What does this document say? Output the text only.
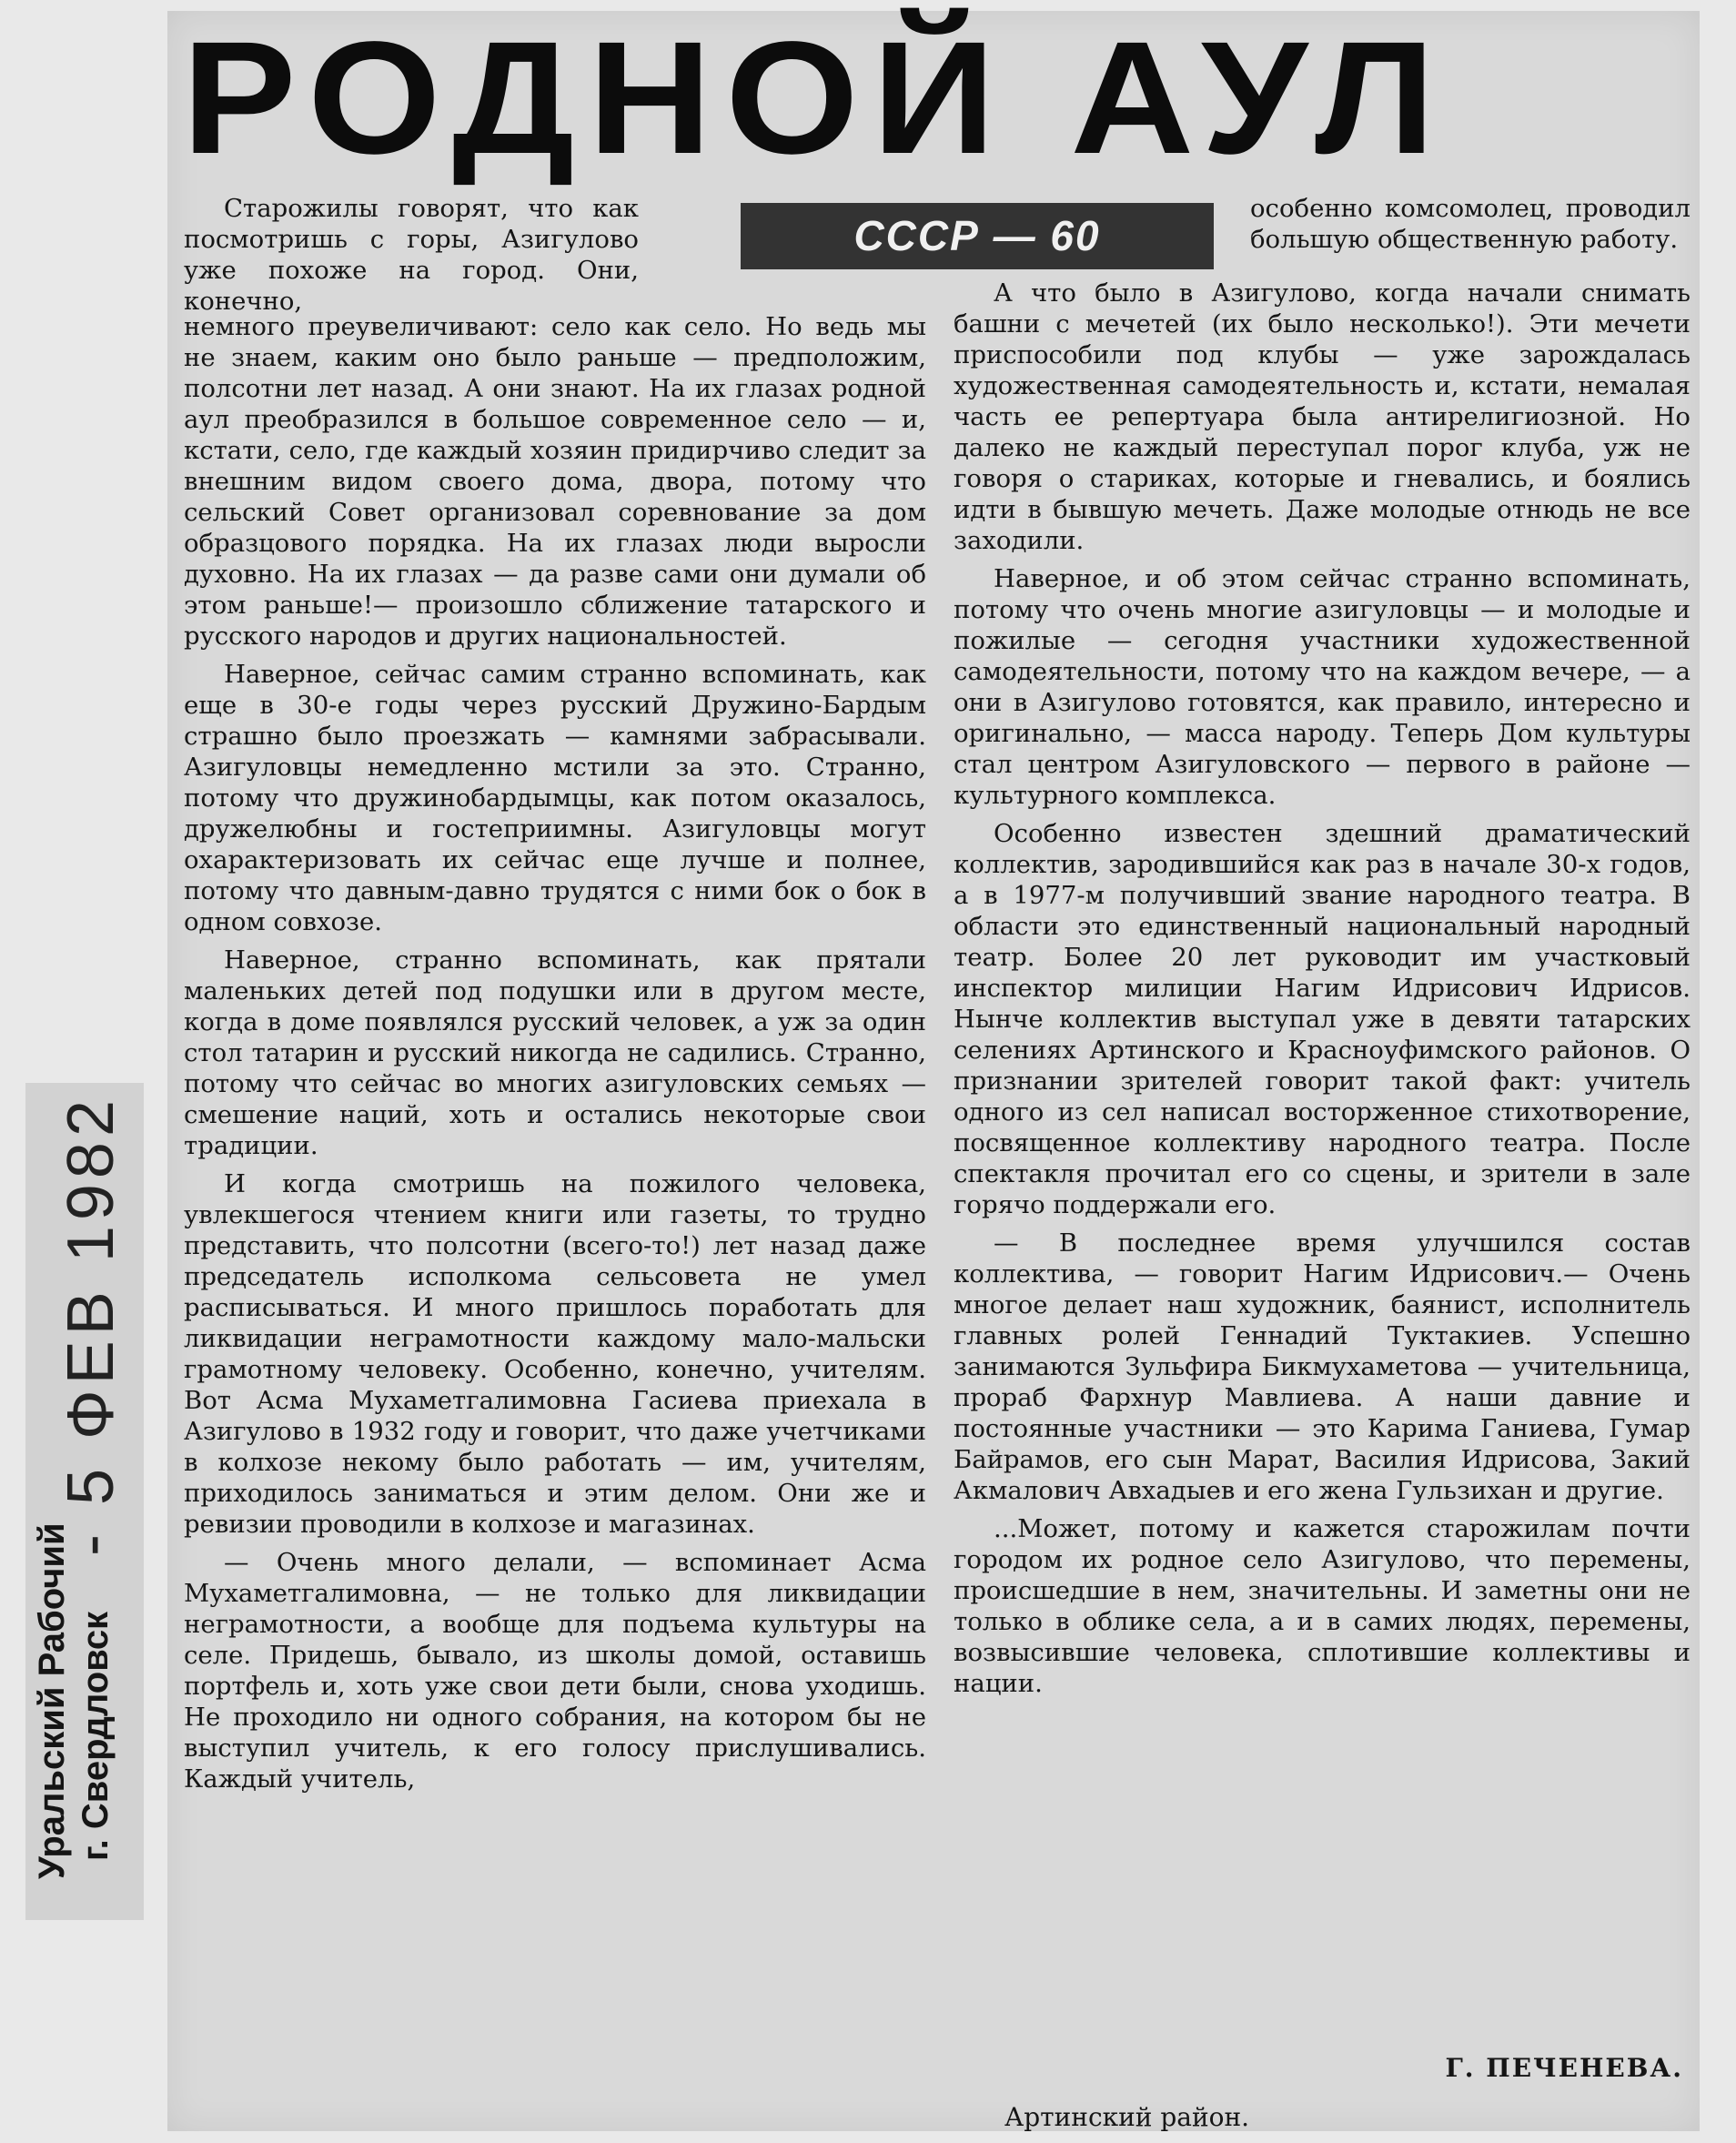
РОДНОЙ АУЛ
СССР — 60

Старожилы говорят, что как посмотришь с горы, Азигулово уже похоже на город. Они, конечно,

особенно комсомолец, проводил большую общественную работу.

немного преувеличивают: село как село. Но ведь мы не знаем, каким оно было раньше — предположим, полсотни лет назад. А они знают. На их глазах родной аул преобразился в большое современное село — и, кстати, село, где каждый хозяин придирчиво следит за внешним видом своего дома, двора, потому что сельский Совет организовал соревнование за дом образцового порядка. На их глазах люди выросли духовно. На их глазах — да разве сами они думали об этом раньше!— произошло сближение татарского и русского народов и других национальностей.

Наверное, сейчас самим странно вспоминать, как еще в 30-е годы через русский Дружино-Бардым страшно было проезжать — камнями забрасывали. Азигуловцы немедленно мстили за это. Странно, потому что дружинобардымцы, как потом оказалось, дружелюбны и гостеприимны. Азигуловцы могут охарактеризовать их сейчас еще лучше и полнее, потому что давным-давно трудятся с ними бок о бок в одном совхозе.

Наверное, странно вспоминать, как прятали маленьких детей под подушки или в другом месте, когда в доме появлялся русский человек, а уж за один стол татарин и русский никогда не садились. Странно, потому что сейчас во многих азигуловских семьях — смешение наций, хоть и остались некоторые свои традиции.

И когда смотришь на пожилого человека, увлекшегося чтением книги или газеты, то трудно представить, что полсотни (всего-то!) лет назад даже председатель исполкома сельсовета не умел расписываться. И много пришлось поработать для ликвидации неграмотности каждому мало-мальски грамотному человеку. Особенно, конечно, учителям. Вот Асма Мухаметгалимовна Гасиева приехала в Азигулово в 1932 году и говорит, что даже учетчиками в колхозе некому было работать — им, учителям, приходилось заниматься и этим делом. Они же и ревизии проводили в колхозе и магазинах.

— Очень много делали, — вспоминает Асма Мухаметгалимовна, — не только для ликвидации неграмотности, а вообще для подъема культуры на селе. Придешь, бывало, из школы домой, оставишь портфель и, хоть уже свои дети были, снова уходишь. Не проходило ни одного собрания, на котором бы не выступил учитель, к его голосу прислушивались. Каждый учитель,

А что было в Азигулово, когда начали снимать башни с мечетей (их было несколько!). Эти мечети приспособили под клубы — уже зарождалась художественная самодеятельность и, кстати, немалая часть ее репертуара была антирелигиозной. Но далеко не каждый переступал порог клуба, уж не говоря о стариках, которые и гневались, и боялись идти в бывшую мечеть. Даже молодые отнюдь не все заходили.

Наверное, и об этом сейчас странно вспоминать, потому что очень многие азигуловцы — и молодые и пожилые — сегодня участники художественной самодеятельности, потому что на каждом вечере, — а они в Азигулово готовятся, как правило, интересно и оригинально, — масса народу. Теперь Дом культуры стал центром Азигуловского — первого в районе — культурного комплекса.

Особенно известен здешний драматический коллектив, зародившийся как раз в начале 30-х годов, а в 1977-м получивший звание народного театра. В области это единственный национальный народный театр. Более 20 лет руководит им участковый инспектор милиции Нагим Идрисович Идрисов. Нынче коллектив выступал уже в девяти татарских селениях Артинского и Красноуфимского районов. О признании зрителей говорит такой факт: учитель одного из сел написал восторженное стихотворение, посвященное коллективу народного театра. После спектакля прочитал его со сцены, и зрители в зале горячо поддержали его.

— В последнее время улучшился состав коллектива, — говорит Нагим Идрисович.— Очень многое делает наш художник, баянист, исполнитель главных ролей Геннадий Туктакиев. Успешно занимаются Зульфира Бикмухаметова — учительница, прораб Фархнур Мавлиева. А наши давние и постоянные участники — это Карима Ганиева, Гумар Байрамов, его сын Марат, Василия Идрисова, Закий Акмалович Авхадыев и его жена Гульзихан и другие.

...Может, потому и кажется старожилам почти городом их родное село Азигулово, что перемены, происшедшие в нем, значительны. И заметны они не только в облике села, а и в самих людях, перемены, возвысившие человека, сплотившие коллективы и нации.

Г. ПЕЧЕНЕВА.
Артинский район.
Уральский Рабочий г. Свердловск
- 5 ФЕВ 1982
